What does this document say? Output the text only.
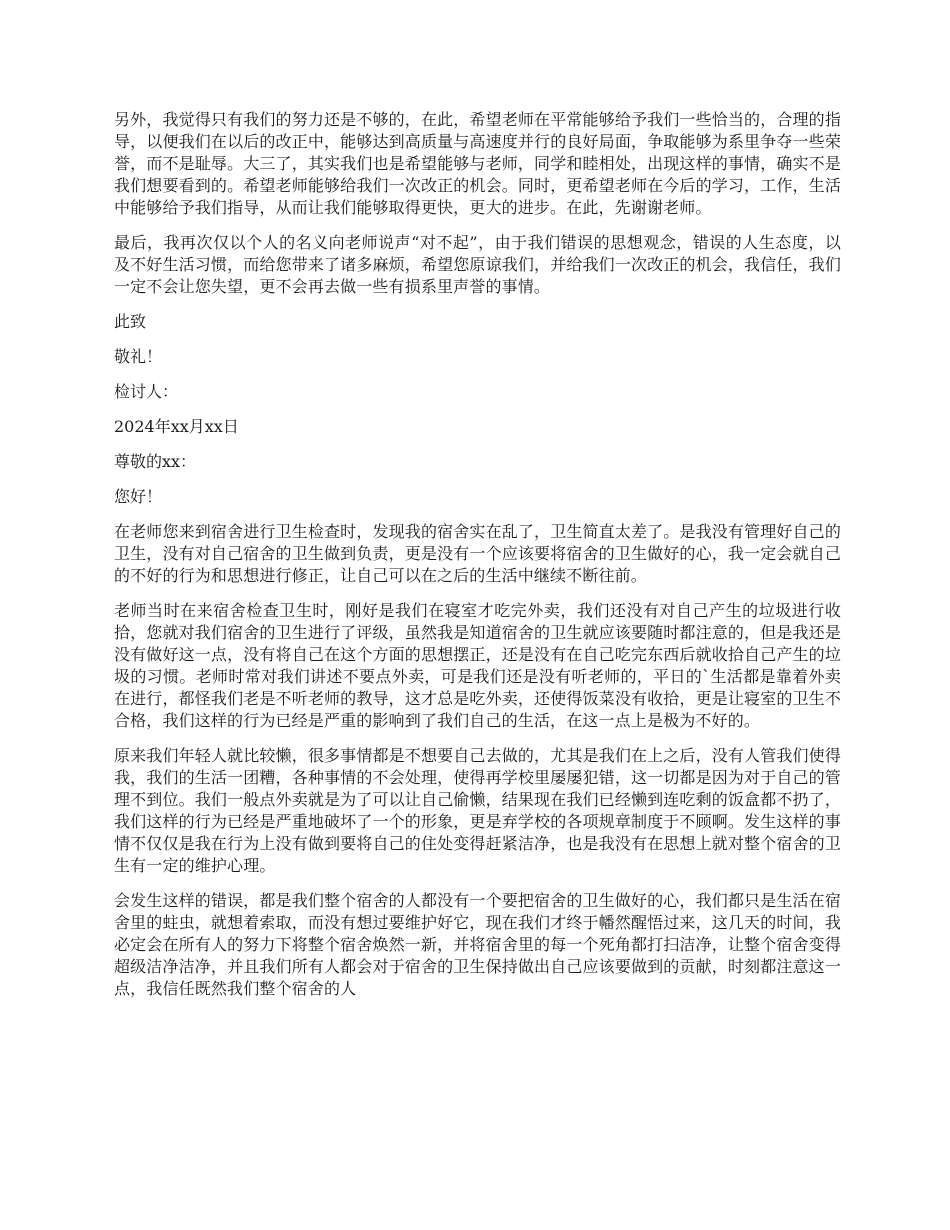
另外，我觉得只有我们的努力还是不够的，在此，希望老师在平常能够给予我们一些恰当的，合理的指导，以便我们在以后的改正中，能够达到高质量与高速度并行的良好局面，争取能够为系里争夺一些荣誉，而不是耻辱。大三了，其实我们也是希望能够与老师，同学和睦相处，出现这样的事情，确实不是我们想要看到的。希望老师能够给我们一次改正的机会。同时，更希望老师在今后的学习，工作，生活中能够给予我们指导，从而让我们能够取得更快，更大的进步。在此，先谢谢老师。

最后，我再次仅以个人的名义向老师说声“对不起”，由于我们错误的思想观念，错误的人生态度，以及不好生活习惯，而给您带来了诸多麻烦，希望您原谅我们，并给我们一次改正的机会，我信任，我们一定不会让您失望，更不会再去做一些有损系里声誉的事情。

此致

敬礼！

检讨人：

2024年xx月xx日

尊敬的xx：

您好！

在老师您来到宿舍进行卫生检查时，发现我的宿舍实在乱了，卫生简直太差了。是我没有管理好自己的卫生，没有对自己宿舍的卫生做到负责，更是没有一个应该要将宿舍的卫生做好的心，我一定会就自己的不好的行为和思想进行修正，让自己可以在之后的生活中继续不断往前。

老师当时在来宿舍检查卫生时，刚好是我们在寝室才吃完外卖，我们还没有对自己产生的垃圾进行收拾，您就对我们宿舍的卫生进行了评级，虽然我是知道宿舍的卫生就应该要随时都注意的，但是我还是没有做好这一点，没有将自己在这个方面的思想摆正，还是没有在自己吃完东西后就收拾自己产生的垃圾的习惯。老师时常对我们讲述不要点外卖，可是我们还是没有听老师的，平日的`生活都是靠着外卖在进行，都怪我们老是不听老师的教导，这才总是吃外卖，还使得饭菜没有收拾，更是让寝室的卫生不合格，我们这样的行为已经是严重的影响到了我们自己的生活，在这一点上是极为不好的。

原来我们年轻人就比较懒，很多事情都是不想要自己去做的，尤其是我们在上之后，没有人管我们使得我，我们的生活一团糟，各种事情的不会处理，使得再学校里屡屡犯错，这一切都是因为对于自己的管理不到位。我们一般点外卖就是为了可以让自己偷懒，结果现在我们已经懒到连吃剩的饭盒都不扔了，我们这样的行为已经是严重地破坏了一个的形象，更是弃学校的各项规章制度于不顾啊。发生这样的事情不仅仅是我在行为上没有做到要将自己的住处变得赶紧洁净，也是我没有在思想上就对整个宿舍的卫生有一定的维护心理。

会发生这样的错误，都是我们整个宿舍的人都没有一个要把宿舍的卫生做好的心，我们都只是生活在宿舍里的蛀虫，就想着索取，而没有想过要维护好它，现在我们才终于幡然醒悟过来，这几天的时间，我必定会在所有人的努力下将整个宿舍焕然一新，并将宿舍里的每一个死角都打扫洁净，让整个宿舍变得超级洁净洁净，并且我们所有人都会对于宿舍的卫生保持做出自己应该要做到的贡献，时刻都注意这一点，我信任既然我们整个宿舍的人
